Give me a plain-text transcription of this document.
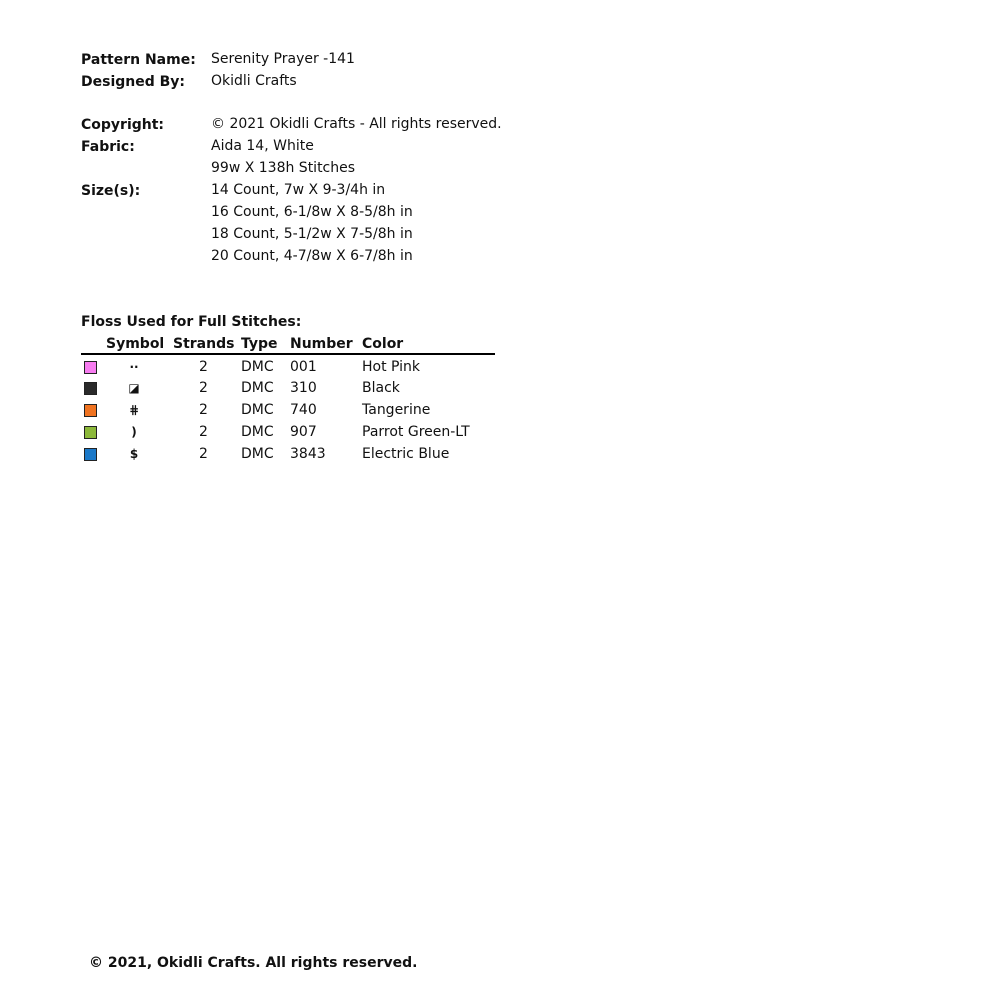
Pattern Name: Serenity Prayer -141
Designed By: Okidli Crafts
Copyright:	© 2021 Okidli Crafts - All rights reserved.
Fabric:	Aida 14, White
99w X 138h Stitches
Size(s):	14 Count, 7w X 9-3/4h in
16 Count, 6-1/8w X 8-5/8h in
18 Count, 5-1/2w X 7-5/8h in
20 Count, 4-7/8w X 6-7/8h in
Floss Used for Full Stitches:
Symbol Strands Type Number Color
··	2 DMC 001	Hot Pink
◪	2 DMC 310	Black
⋕	2 DMC 740	Tangerine
)	2 DMC 907	Parrot Green-LT
$	2 DMC 3843	Electric Blue
© 2021, Okidli Crafts. All rights reserved.
